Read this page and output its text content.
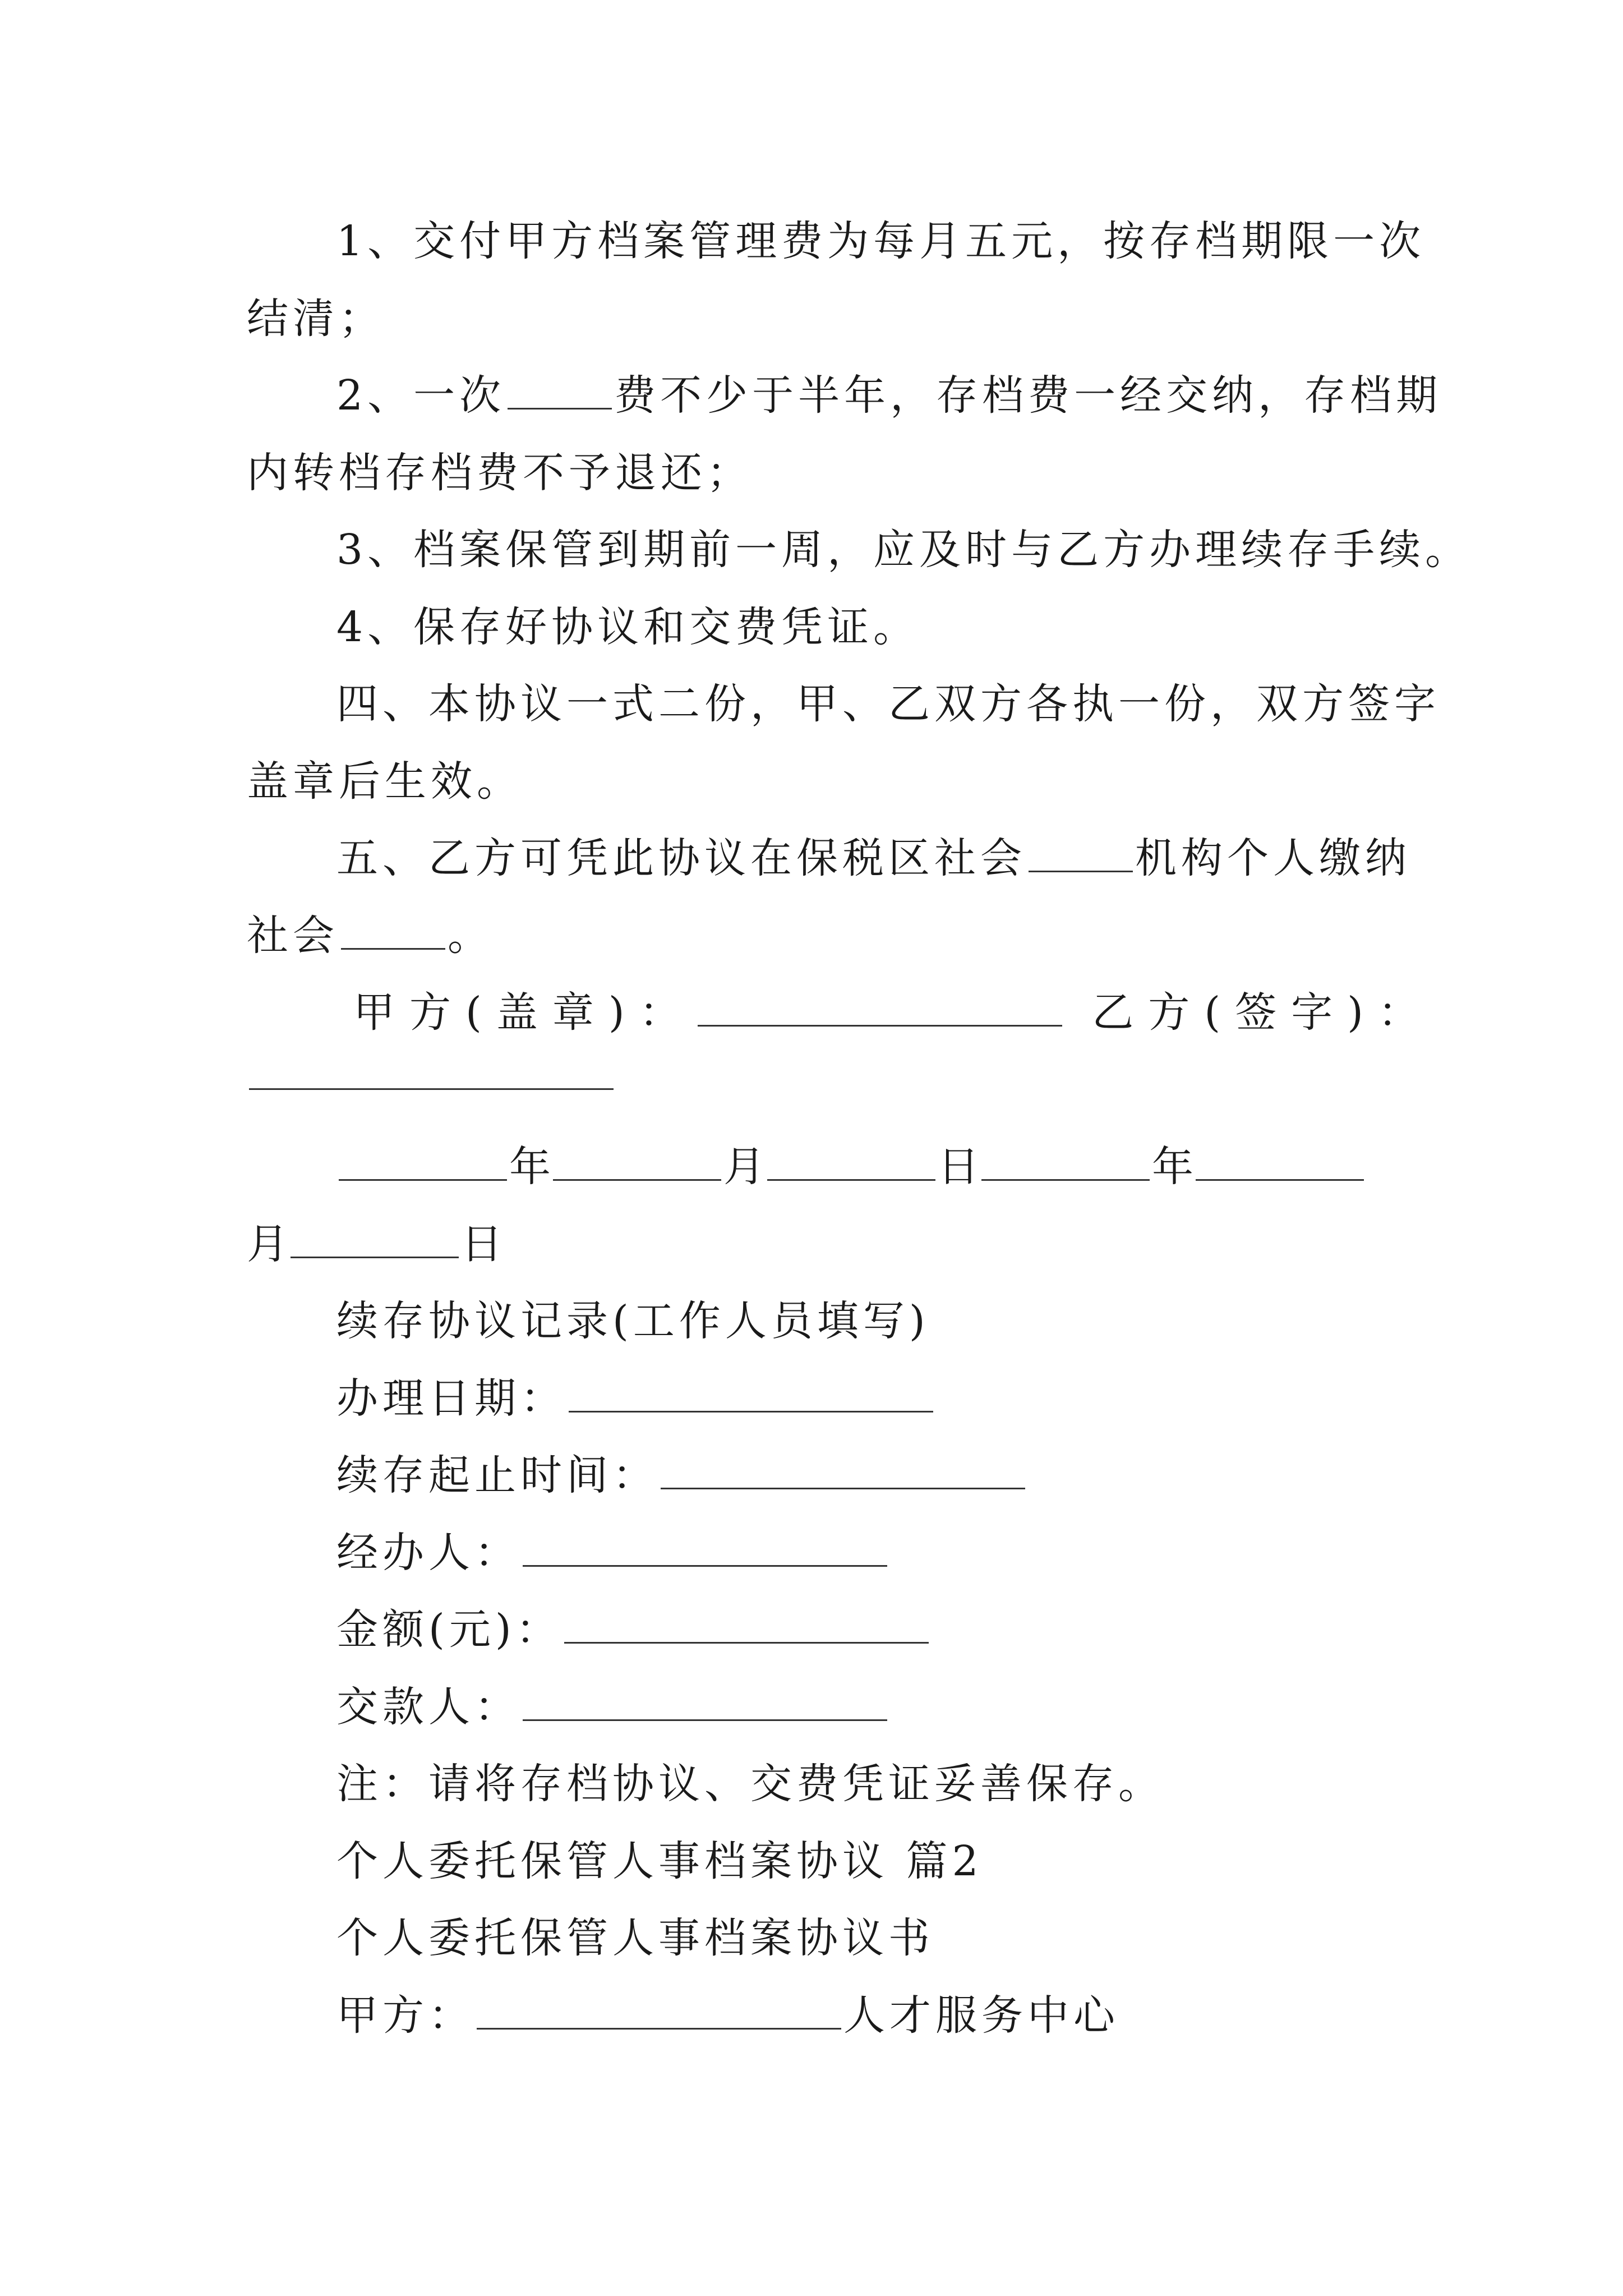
1、交付甲方档案管理费为每月五元，按存档期限一次
结清；
2、一次	费不少于半年，存档费一经交纳，存档期
内转档存档费不予退还；
3、档案保管到期前一周，应及时与乙方办理续存手续。
4、保存好协议和交费凭证。
四、本协议一式二份，甲、乙双方各执一份，双方签字
盖章后生效。
五、乙方可凭此协议在保税区社会	机构个人缴纳
社会	。
甲方(盖章)：	乙方(签字)：
年	月	日	年
月	日
续存协议记录(工作人员填写)
办理日期：
续存起止时间：
经办人：
金额(元)：
交款人：
注：请将存档协议、交费凭证妥善保存。
个人委托保管人事档案协议 篇2
个人委托保管人事档案协议书
甲方：	人才服务中心
